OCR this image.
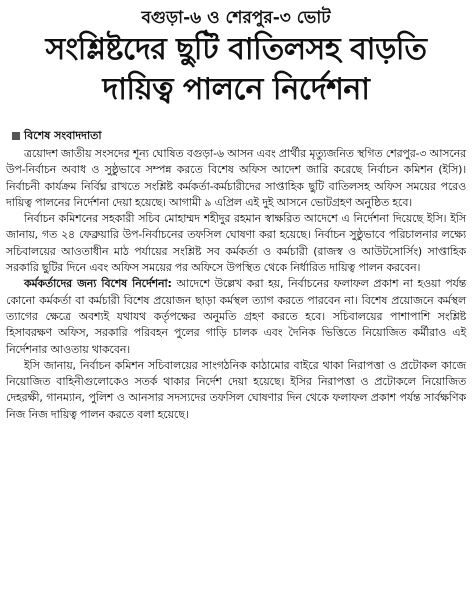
বগুড়া-৬ ও শেরপুর-৩ ভোট
সংশ্লিষ্টদের ছুটি বাতিলসহ বাড়তি
দায়িত্ব পালনে নির্দেশনা
বিশেষ সংবাদদাতা

ত্রয়োদশ জাতীয় সংসদের শূন্য ঘোষিত বগুড়া-৬ আসন এবং প্রার্থীর মৃত্যুজনিত স্থগিত শেরপুর-৩ আসনের উপ-নির্বাচন অবাধ ও সুষ্ঠুভাবে সম্পন্ন করতে বিশেষ অফিস আদেশ জারি করেছে নির্বাচন কমিশন (ইসি)। নির্বাচনী কার্যক্রম নির্বিঘ্ন রাখতে সংশ্লিষ্ট কর্মকর্তা-কর্মচারীদের সাপ্তাহিক ছুটি বাতিলসহ অফিস সময়ের পরেও দায়িত্ব পালনের নির্দেশনা দেয়া হয়েছে। আগামী ৯ এপ্রিল এই দুই আসনে ভোটগ্রহণ অনুষ্ঠিত হবে।

নির্বাচন কমিশনের সহকারী সচিব মোহাম্মদ শহীদুর রহমান স্বাক্ষরিত আদেশে এ নির্দেশনা দিয়েছে ইসি। ইসি জানায়, গত ২৪ ফেব্রুয়ারি উপ-নির্বাচনের তফসিল ঘোষণা করা হয়েছে। নির্বাচন সুষ্ঠুভাবে পরিচালনার লক্ষ্যে সচিবালয়ের আওতাধীন মাঠ পর্যায়ের সংশ্লিষ্ট সব কর্মকর্তা ও কর্মচারী (রাজস্ব ও আউটসোর্সিং) সাপ্তাহিক সরকারি ছুটির দিনে এবং অফিস সময়ের পর অফিসে উপস্থিত থেকে নির্ধারিত দায়িত্ব পালন করবেন।

কর্মকর্তাদের জন্য বিশেষ নির্দেশনা: আদেশে উল্লেখ করা হয়, নির্বাচনের ফলাফল প্রকাশ না হওয়া পর্যন্ত কোনো কর্মকর্তা বা কর্মচারী বিশেষ প্রয়োজন ছাড়া কর্মস্থল ত্যাগ করতে পারবেন না। বিশেষ প্রয়োজনে কর্মস্থল ত্যাগের ক্ষেত্রে অবশ্যই যথাযথ কর্তৃপক্ষের অনুমতি গ্রহণ করতে হবে। সচিবালয়ের পাশাপাশি সংশ্লিষ্ট হিসাবরক্ষণ অফিস, সরকারি পরিবহন পুলের গাড়ি চালক এবং দৈনিক ভিত্তিতে নিয়োজিত কর্মীরাও এই নির্দেশনার আওতায় থাকবেন।

ইসি জানায়, নির্বাচন কমিশন সচিবালয়ের সাংগঠনিক কাঠামোর বাইরে থাকা নিরাপত্তা ও প্রটোকল কাজে নিয়োজিত বাহিনীগুলোকেও সতর্ক থাকার নির্দেশ দেয়া হয়েছে। ইসির নিরাপত্তা ও প্রটোকলে নিয়োজিত দেহরক্ষী, গানম্যান, পুলিশ ও আনসার সদস্যদের তফসিল ঘোষণার দিন থেকে ফলাফল প্রকাশ পর্যন্ত সার্বক্ষণিক নিজ নিজ দায়িত্ব পালন করতে বলা হয়েছে।
